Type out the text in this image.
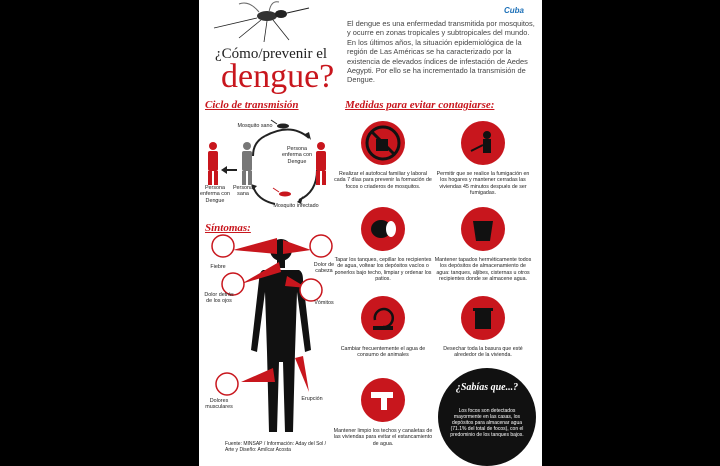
Cuba
¿Cómo/prevenir el
dengue?
El dengue es una enfermedad transmitida por mosquitos, y ocurre en zonas tropicales y subtropicales del mundo. En los últimos años, la situación epidemiológica de la región de Las Américas se ha caracterizado por la existencia de elevados índices de infestación de Aedes Aegypti. Por ello se ha incrementado la transmisión de Dengue.
Ciclo de transmisión
Mosquito sano
Persona enferma con Dengue
Mosquito infectado
Persona sana
Persona enferma con Dengue
Síntomas:
Fiebre	Dolor de cabeza
Dolor detrás de los ojos	Vómitos
Dolores musculares
Erupción
Fuente: MINSAP / Información: Aday del Sol / Arte y Diseño: Amílcar Acosta
Medidas para evitar contagiarse:
Realizar el autofocal familiar y laboral cada 7 días para prevenir la formación de focos o criaderos de mosquitos.
Permitir que se realice la fumigación en los hogares y mantener cerradas las viviendas 45 minutos después de ser fumigadas.
Tapar los tanques, cepillar los recipientes de agua, voltear los depósitos vacíos o ponerlos bajo techo, limpiar y ordenar los patios.
Mantener tapados herméticamente todos los depósitos de almacenamiento de agua: tanques, aljibes, cisternas u otros recipientes donde se almacene agua.
Cambiar frecuentemente el agua de consumo de animales
Desechar toda la basura que esté alrededor de la vivienda.
Mantener limpio los techos y canaletas de las viviendas para evitar el estancamiento de agua.
¿Sabías que...?
Los focos son detectados mayormente en las casas, los depósitos para almacenar agua (71.1% del total de focos), con el predominio de los tanques bajos.
